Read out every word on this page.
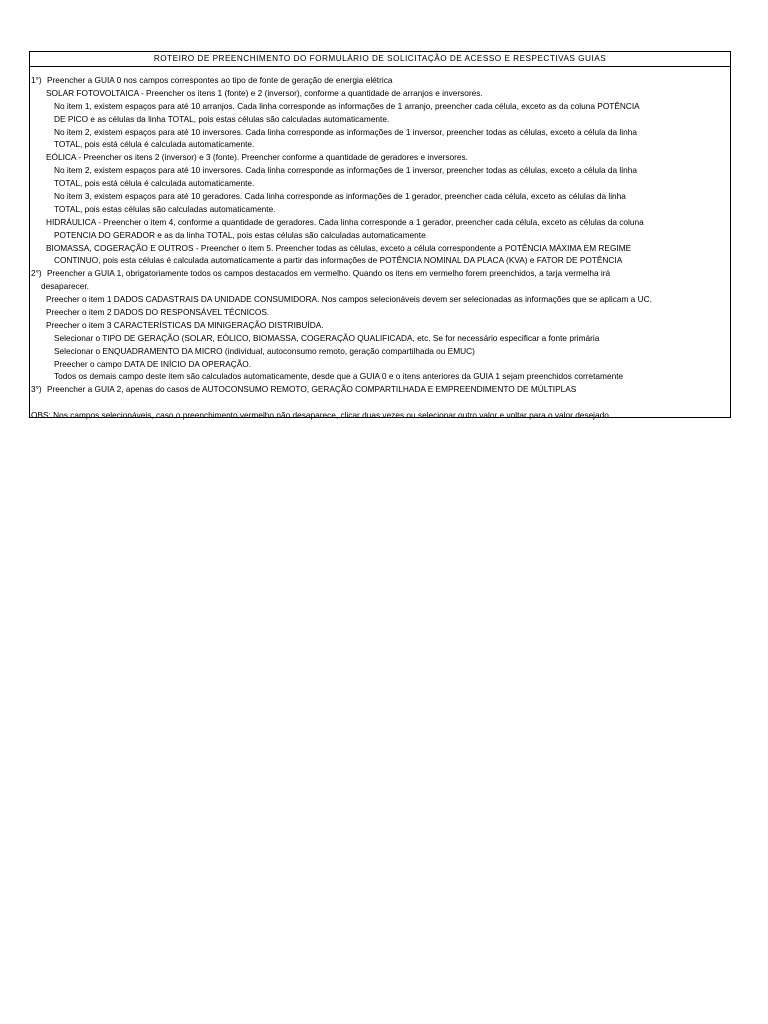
ROTEIRO DE PREENCHIMENTO DO FORMULÁRIO DE SOLICITAÇÃO DE ACESSO E RESPECTIVAS GUIAS
1°) Preencher a GUIA 0 nos campos correspontes ao tipo de fonte de geração de energia elétrica
SOLAR FOTOVOLTAICA - Preencher os itens 1 (fonte) e 2 (inversor), conforme a quantidade de arranjos e inversores.
No item 1, existem espaços para até 10 arranjos. Cada linha corresponde as informações de 1 arranjo, preencher cada célula, exceto as da coluna POTÊNCIA
DE PICO e as células da linha TOTAL, pois estas células são calculadas automaticamente.
No item 2, existem espaços para até 10 inversores. Cada linha corresponde as informações de 1 inversor, preencher todas as células, exceto a célula da linha
TOTAL, pois está célula é calculada automaticamente.
EÓLICA - Preencher os itens 2 (inversor) e 3 (fonte). Preencher conforme a quantidade de geradores e inversores.
No item 2, existem espaços para até 10 inversores. Cada linha corresponde as informações de 1 inversor, preencher todas as células, exceto a célula da linha
TOTAL, pois está célula é calculada automaticamente.
No item 3, existem espaços para até 10 geradores. Cada linha corresponde as informações de 1 gerador, preencher cada célula, exceto as células da linha
TOTAL, pois estas células são calculadas automaticamente.
HIDRÁULICA - Preencher o item 4, conforme a quantidade de geradores. Cada linha corresponde a 1 gerador, preencher cada célula, exceto as células da coluna
POTENCIA DO GERADOR e as da linha TOTAL, pois estas células são calculadas automaticamente
BIOMASSA, COGERAÇÃO E OUTROS - Preencher o item 5. Preencher todas as células, exceto a célula correspondente a POTÊNCIA MÁXIMA EM REGIME
CONTINUO, pois esta células é calculada automaticamente a partir das informações de POTÊNCIA NOMINAL DA PLACA (KVA) e FATOR DE POTÊNCIA
2°) Preencher a GUIA 1, obrigatoriamente todos os campos destacados em vermelho. Quando os itens em vermelho forem preenchidos, a tarja vermelha irá
desaparecer.
Preecher o item 1 DADOS CADASTRAIS DA UNIDADE CONSUMIDORA. Nos campos selecionáveis devem ser selecionadas as informações que se aplicam a UC.
Preecher o item 2 DADOS DO RESPONSÁVEL TÉCNICOS.
Preecher o item 3 CARACTERÍSTICAS DA MINIGERAÇÃO DISTRIBUÍDA.
Selecionar o TIPO DE GERAÇÃO (SOLAR, EÓLICO, BIOMASSA, COGERAÇÃO QUALIFICADA, etc. Se for necessário especificar a fonte primária
Selecionar o ENQUADRAMENTO DA MICRO (individual, autoconsumo remoto, geração compartilhada ou EMUC)
Preecher o campo DATA DE INÍCIO DA OPERAÇÃO.
Todos os demais campo deste item são calculados automaticamente, desde que a GUIA 0 e o itens anteriores da GUIA 1 sejam preenchidos corretamente
3°) Preencher a GUIA 2, apenas do casos de AUTOCONSUMO REMOTO, GERAÇÃO COMPARTILHADA E EMPREENDIMENTO DE MÚLTIPLAS
OBS: Nos campos selecionáveis, caso o preenchimento vermelho não desaparece, clicar duas vezes ou selecionar outro valor e voltar para o valor desejado
